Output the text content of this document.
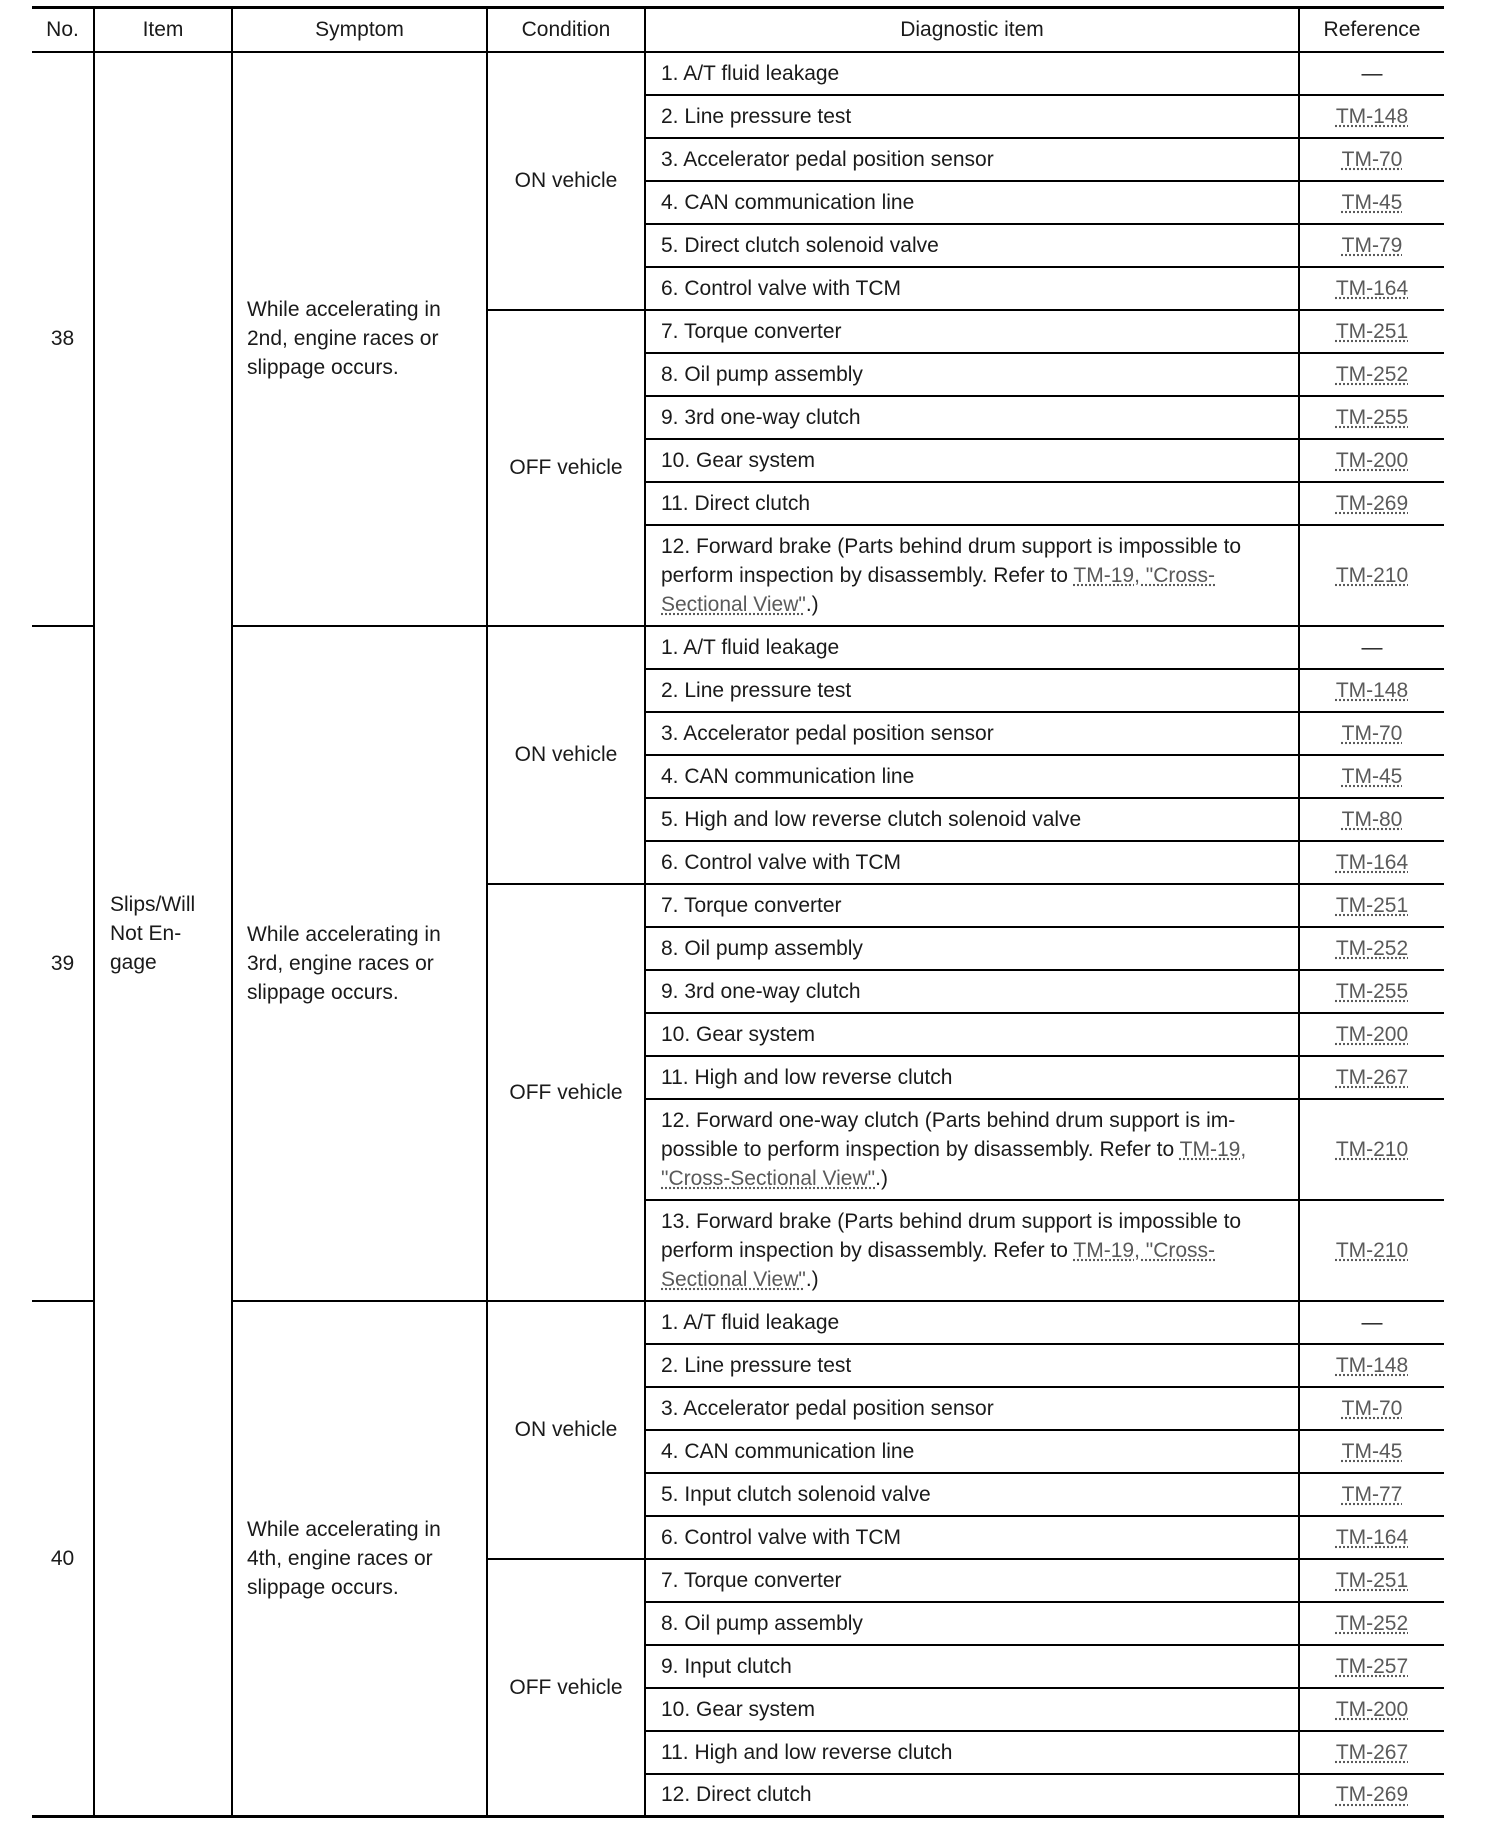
No.	Item	Symptom	Condition	Diagnostic item	Reference
38	Slips/Will Not En-gage	While accelerating in 2nd, engine races or slippage occurs.	ON vehicle	1. A/T fluid leakage	—
				2. Line pressure test	TM-148
				3. Accelerator pedal position sensor	TM-70
				4. CAN communication line	TM-45
				5. Direct clutch solenoid valve	TM-79
				6. Control valve with TCM	TM-164
			OFF vehicle	7. Torque converter	TM-251
				8. Oil pump assembly	TM-252
				9. 3rd one-way clutch	TM-255
				10. Gear system	TM-200
				11. Direct clutch	TM-269
				12. Forward brake (Parts behind drum support is impossible to perform inspection by disassembly. Refer to TM-19, "Cross-Sectional View".)	TM-210
39		While accelerating in 3rd, engine races or slippage occurs.	ON vehicle	1. A/T fluid leakage	—
				2. Line pressure test	TM-148
				3. Accelerator pedal position sensor	TM-70
				4. CAN communication line	TM-45
				5. High and low reverse clutch solenoid valve	TM-80
				6. Control valve with TCM	TM-164
			OFF vehicle	7. Torque converter	TM-251
				8. Oil pump assembly	TM-252
				9. 3rd one-way clutch	TM-255
				10. Gear system	TM-200
				11. High and low reverse clutch	TM-267
				12. Forward one-way clutch (Parts behind drum support is im-possible to perform inspection by disassembly. Refer to TM-19, "Cross-Sectional View".)	TM-210
				13. Forward brake (Parts behind drum support is impossible to perform inspection by disassembly. Refer to TM-19, "Cross-Sectional View".)	TM-210
40		While accelerating in 4th, engine races or slippage occurs.	ON vehicle	1. A/T fluid leakage	—
				2. Line pressure test	TM-148
				3. Accelerator pedal position sensor	TM-70
				4. CAN communication line	TM-45
				5. Input clutch solenoid valve	TM-77
				6. Control valve with TCM	TM-164
			OFF vehicle	7. Torque converter	TM-251
				8. Oil pump assembly	TM-252
				9. Input clutch	TM-257
				10. Gear system	TM-200
				11. High and low reverse clutch	TM-267
				12. Direct clutch	TM-269
